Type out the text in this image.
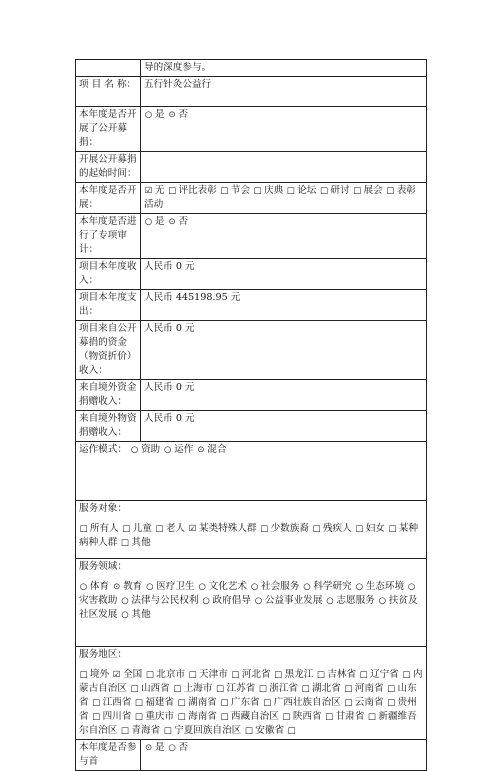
	导的深度参与。
项 目 名 称：	五行针灸公益行
本年度是否开展了公开募捐：	○  是 ⊙  否

开展公开募捐的起始时间：	
本年度是否开展：	☑  无 □  评比表彰 □  节会 □  庆典 □  论坛 □  研讨 □  展会 □  表彰活动

本年度是否进行了专项审计：	○  是 ⊙  否

项目本年度收入：	人民币 0 元
项目本年度支出：	人民币 445198.95 元
项目来自公开募捐的资金（物资折价）收入：	人民币 0 元
来自境外资金捐赠收入：	人民币 0 元
来自境外物资捐赠收入：	人民币 0 元
运作模式： ○  资助 ○  运作 ⊙  混合	

服务对象：
□  所有人 □  儿童 □  老人 ☑  某类特殊人群 □  少数族裔 □  残疾人 □  妇女 □  某种病种人群 □  其他	

服务领域：
○  体育 ⊙  教育 ○  医疗卫生 ○  文化艺术 ○  社会服务 ○  科学研究 ○  生态环境 ○ 灾害救助 ○  法律与公民权利 ○  政府倡导 ○  公益事业发展 ○  志愿服务 ○  扶贫及社区发展 ○  其他	

服务地区：
□  境外 ☑  全国 □  北京市 □  天津市 □  河北省 □  黑龙江 □  吉林省 □  辽宁省 □  内蒙古自治区 □  山西省 □  上海市 □  江苏省 □  浙江省 □  湖北省 □  河南省 □  山东省 □  江西省 □  福建省 □  湖南省 □  广东省 □  广西壮族自治区 □  云南省 □  贵州省 □  四川省 □  重庆市 □  海南省 □  西藏自治区 □  陕西省 □  甘肃省 □  新疆维吾尔自治区 □  青海省 □  宁夏回族自治区 □  安徽省 □	 

本年度是否参与首	⊙  是 ○  否
